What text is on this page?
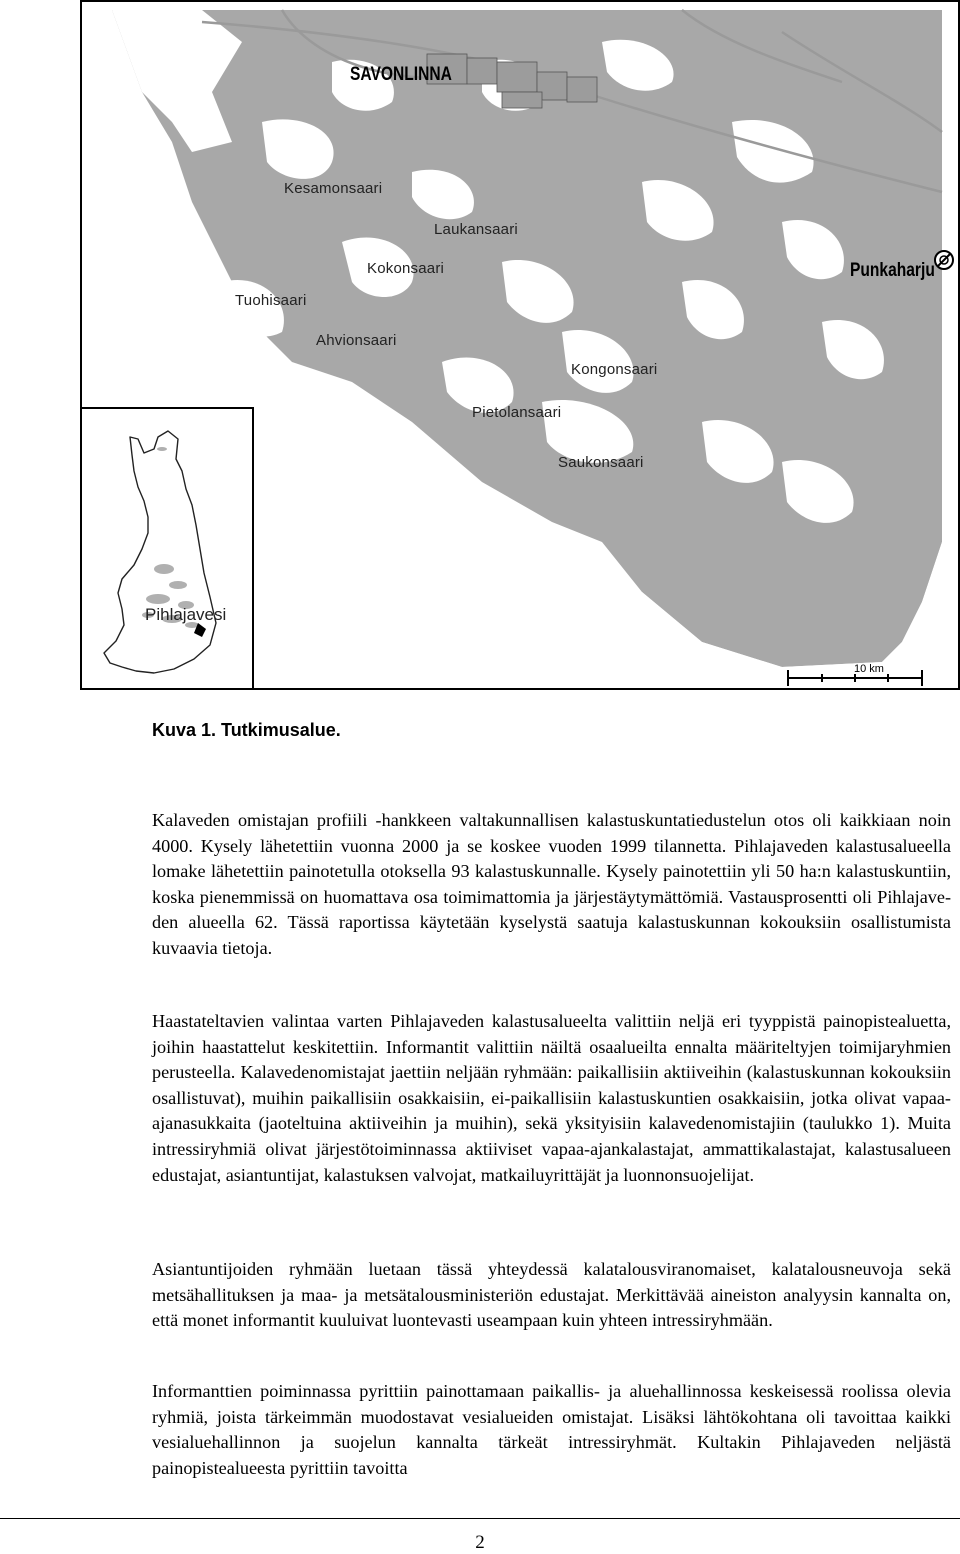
SAVONLINNA
Punkaharju
Kesamonsaari
Laukansaari
Kokonsaari
Tuohisaari
Ahvionsaari
Kongonsaari
Pietolansaari
Saukonsaari
Pihlajavesi
10 km
Kuva 1. Tutkimusalue.

Kalaveden omistajan profiili -hankkeen valtakunnallisen kalastuskuntatiedustelun otos oli kaikkiaan noin 4000. Kysely lähetettiin vuonna 2000 ja se koskee vuoden 1999 tilannetta. Pihlajaveden kalastusalueella lomake lähetettiin painotetulla otoksella 93 kalastuskunnalle. Kysely painotettiin yli 50 ha:n kalastuskuntiin, koska pienemmissä on huomattava osa toimimattomia ja järjestäytymättömiä. Vastausprosentti oli Pihlajaveden alueella 62. Tässä raportissa käytetään kyselystä saatuja kalastuskunnan kokouksiin osallistumista kuvaavia tietoja.

Haastateltavien valintaa varten Pihlajaveden kalastusalueelta valittiin neljä eri tyyppistä painopistealuetta, joihin haastattelut keskitettiin. Informantit valittiin näiltä osaalueilta ennalta määriteltyjen toimijaryhmien perusteella. Kalavedenomistajat jaettiin neljään ryhmään: paikallisiin aktiiveihin (kalastuskunnan kokouksiin osallistuvat), muihin paikallisiin osakkaisiin, ei-paikallisiin kalastuskuntien osakkaisiin, jotka olivat vapaa-ajanasukkaita (jaoteltuina aktiiveihin ja muihin), sekä yksityisiin kalavedenomistajiin (taulukko 1). Muita intressiryhmiä olivat järjestötoiminnassa aktiiviset vapaa-ajankalastajat, ammattikalastajat, kalastusalueen edustajat, asiantuntijat, kalastuksen valvojat, matkailuyrittäjät ja luonnonsuojelijat.

Asiantuntijoiden ryhmään luetaan tässä yhteydessä kalatalousviranomaiset, kalatalousneuvoja sekä metsähallituksen ja maa- ja metsätalousministeriön edustajat. Merkittävää aineiston analyysin kannalta on, että monet informantit kuuluivat luontevasti useampaan kuin yhteen intressiryhmään.

Informanttien poiminnassa pyrittiin painottamaan paikallis- ja aluehallinnossa keskeisessä roolissa olevia ryhmiä, joista tärkeimmän muodostavat vesialueiden omistajat. Lisäksi lähtökohtana oli tavoittaa kaikki vesialuehallinnon ja suojelun kannalta tärkeät intressiryhmät. Kultakin Pihlajaveden neljästä painopistealueesta pyrittiin tavoitta

2
